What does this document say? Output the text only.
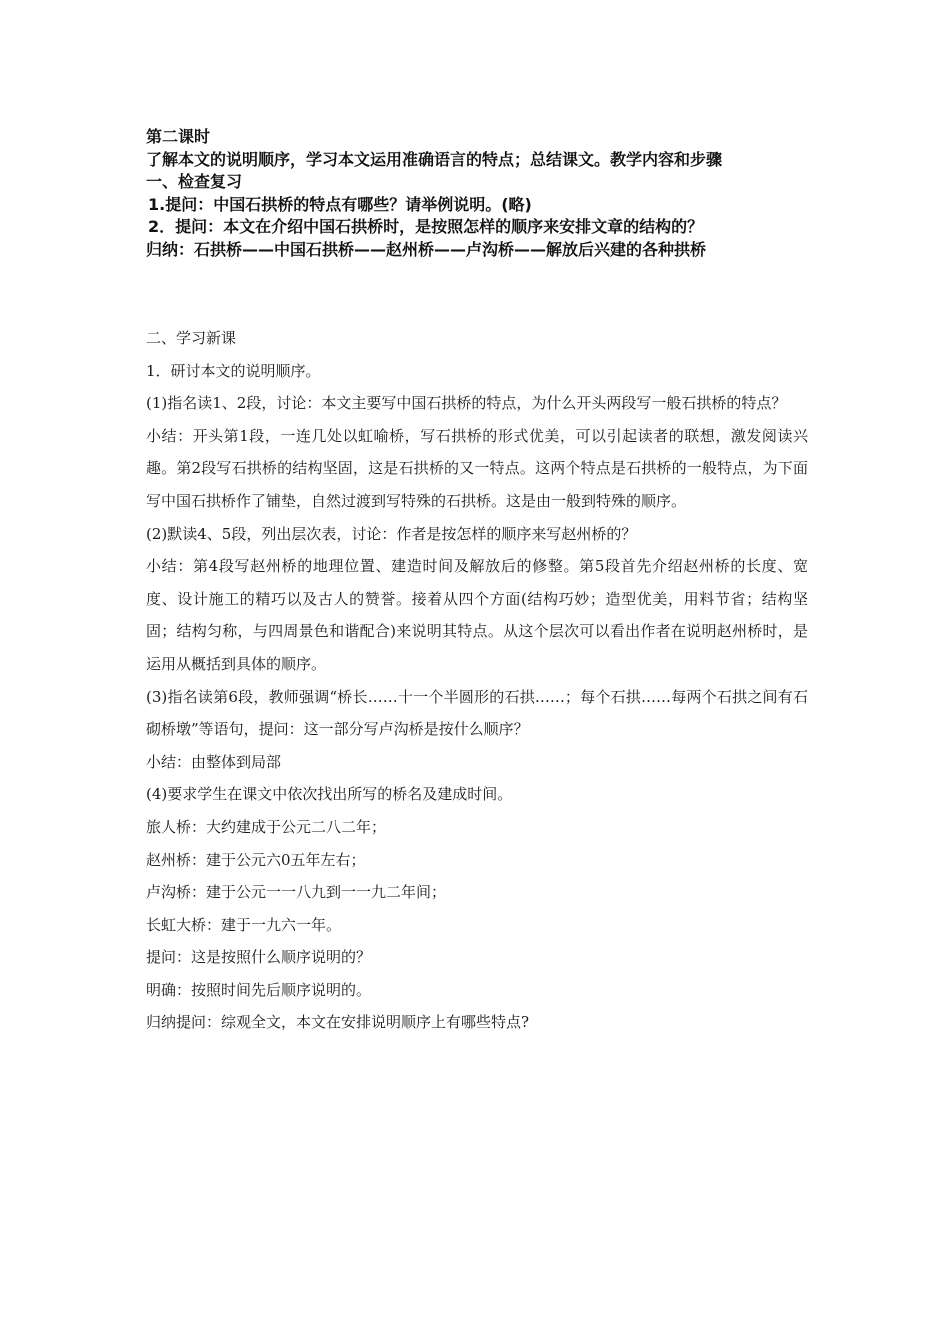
第二课时

了解本文的说明顺序，学习本文运用准确语言的特点；总结课文。教学内容和步骤

一、检查复习

1.提问：中国石拱桥的特点有哪些？请举例说明。(略)

2．提问：本文在介绍中国石拱桥时，是按照怎样的顺序来安排文章的结构的？

归纳：石拱桥——中国石拱桥——赵州桥——卢沟桥——解放后兴建的各种拱桥

二、学习新课

1．研讨本文的说明顺序。

(1)指名读1、2段，讨论：本文主要写中国石拱桥的特点，为什么开头两段写一般石拱桥的特点？

小结：开头第1段，一连几处以虹喻桥，写石拱桥的形式优美，可以引起读者的联想，激发阅读兴趣。第2段写石拱桥的结构坚固，这是石拱桥的又一特点。这两个特点是石拱桥的一般特点，为下面写中国石拱桥作了铺垫，自然过渡到写特殊的石拱桥。这是由一般到特殊的顺序。

(2)默读4、5段，列出层次表，讨论：作者是按怎样的顺序来写赵州桥的？

小结：第4段写赵州桥的地理位置、建造时间及解放后的修整。第5段首先介绍赵州桥的长度、宽度、设计施工的精巧以及古人的赞誉。接着从四个方面(结构巧妙；造型优美，用料节省；结构坚固；结构匀称，与四周景色和谐配合)来说明其特点。从这个层次可以看出作者在说明赵州桥时，是运用从概括到具体的顺序。

(3)指名读第6段，教师强调“桥长……十一个半圆形的石拱……；每个石拱……每两个石拱之间有石砌桥墩”等语句，提问：这一部分写卢沟桥是按什么顺序？

小结：由整体到局部

(4)要求学生在课文中依次找出所写的桥名及建成时间。

旅人桥：大约建成于公元二八二年；

赵州桥：建于公元六0五年左右；

卢沟桥：建于公元一一八九到一一九二年间；

长虹大桥：建于一九六一年。

提问：这是按照什么顺序说明的？

明确：按照时间先后顺序说明的。

归纳提问：综观全文，本文在安排说明顺序上有哪些特点?
